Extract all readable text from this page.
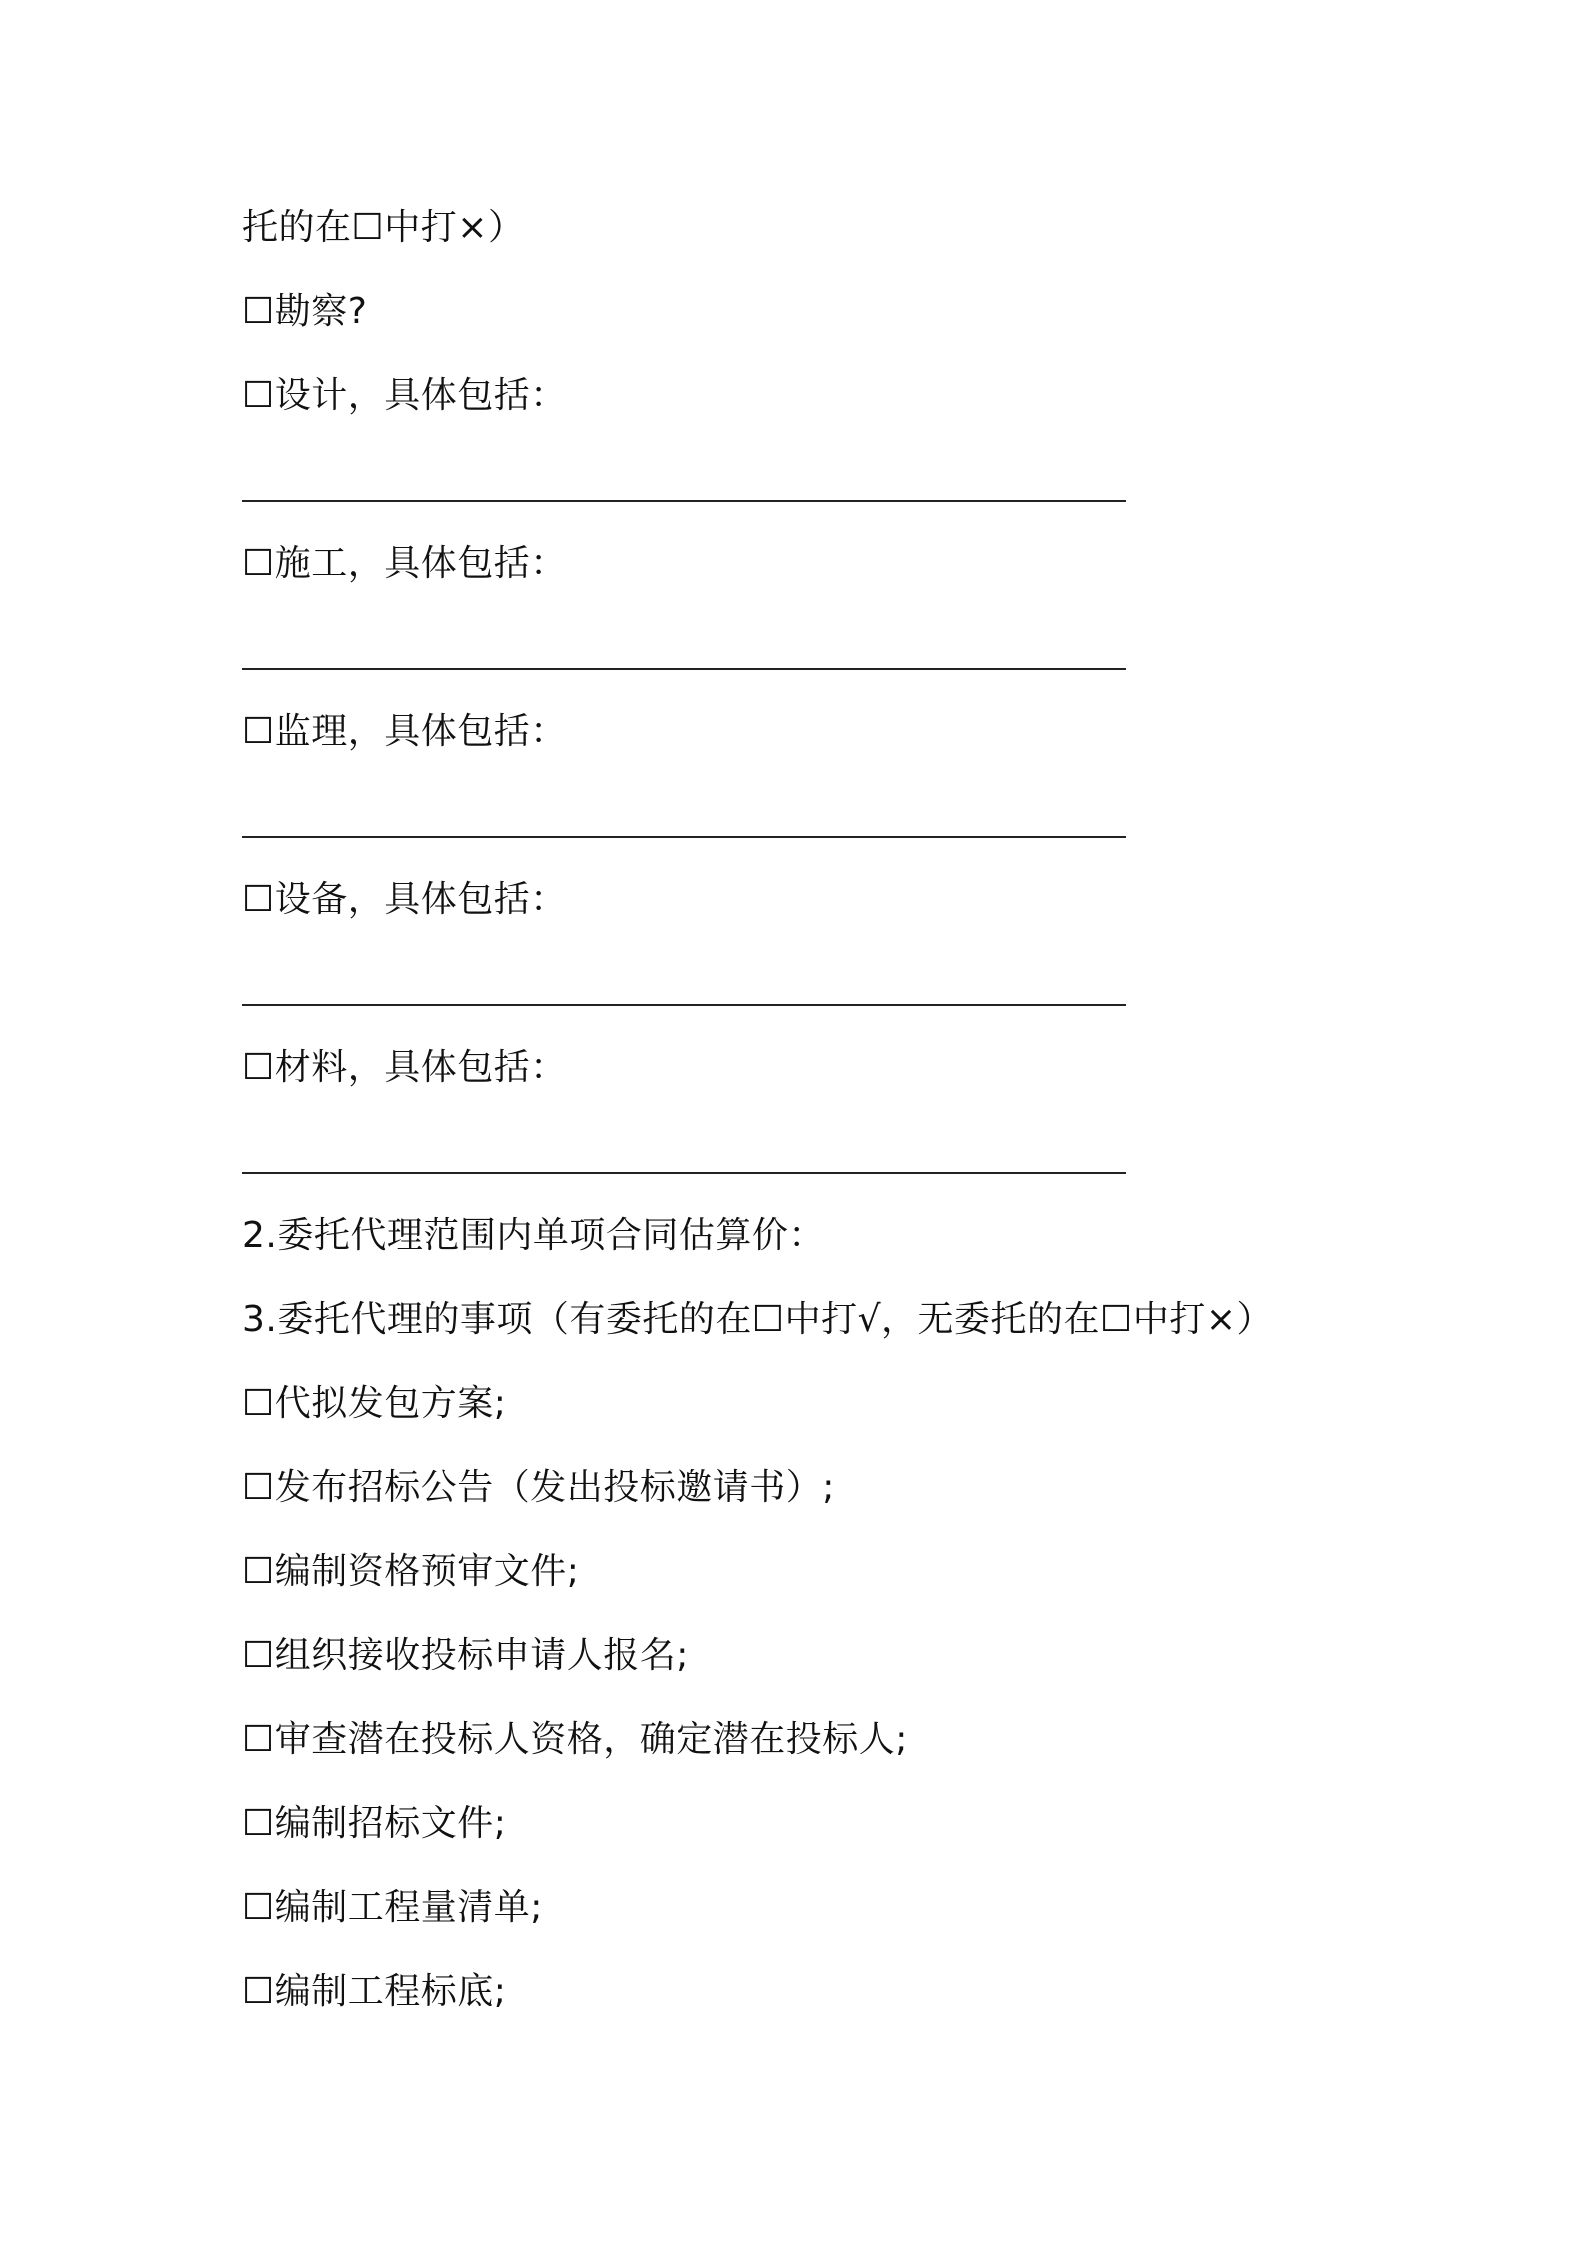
托的在☐中打×）
☐勘察?
☐设计，具体包括：
☐施工，具体包括：
☐监理，具体包括：
☐设备，具体包括：
☐材料，具体包括：
2.委托代理范围内单项合同估算价：
3.委托代理的事项（有委托的在☐中打√，无委托的在☐中打×）
☐代拟发包方案;
☐发布招标公告（发出投标邀请书）;
☐编制资格预审文件;
☐组织接收投标申请人报名;
☐审查潜在投标人资格，确定潜在投标人;
☐编制招标文件;
☐编制工程量清单;
☐编制工程标底;
